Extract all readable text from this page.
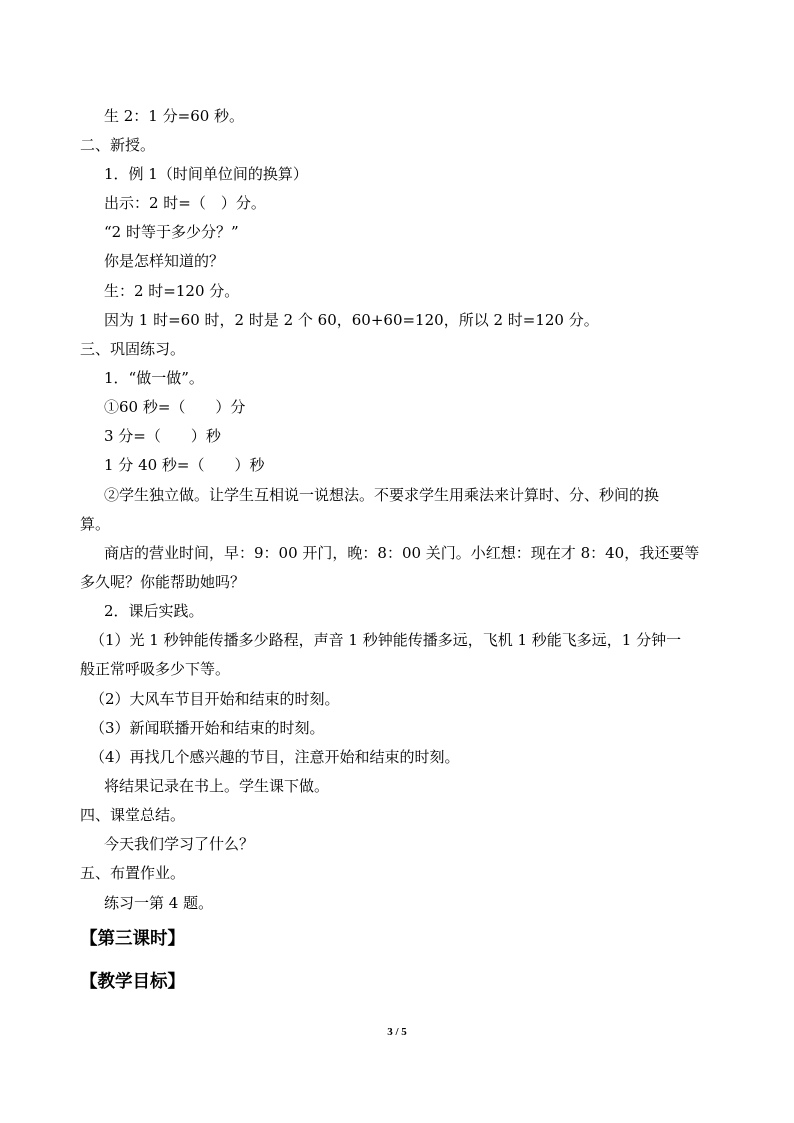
生 2：1 分=60 秒。
二、新授。
1．例 1（时间单位间的换算）
出示：2 时=（　）分。
“2 时等于多少分？”
你是怎样知道的？
生：2 时=120 分。
因为 1 时=60 时，2 时是 2 个 60，60+60=120，所以 2 时=120 分。
三、巩固练习。
1．“做一做”。
①60 秒=（　　）分
3 分=（　　）秒
1 分 40 秒=（　　）秒
②学生独立做。让学生互相说一说想法。不要求学生用乘法来计算时、分、秒间的换
算。
商店的营业时间，早：9：00 开门，晚：8：00 关门。小红想：现在才 8：40，我还要等
多久呢？你能帮助她吗？
2．课后实践。
（1）光 1 秒钟能传播多少路程，声音 1 秒钟能传播多远，飞机 1 秒能飞多远，1 分钟一
般正常呼吸多少下等。
（2）大风车节目开始和结束的时刻。
（3）新闻联播开始和结束的时刻。
（4）再找几个感兴趣的节目，注意开始和结束的时刻。
将结果记录在书上。学生课下做。
四、课堂总结。
今天我们学习了什么？
五、布置作业。
练习一第 4 题。
【第三课时】
【教学目标】
3 / 5
